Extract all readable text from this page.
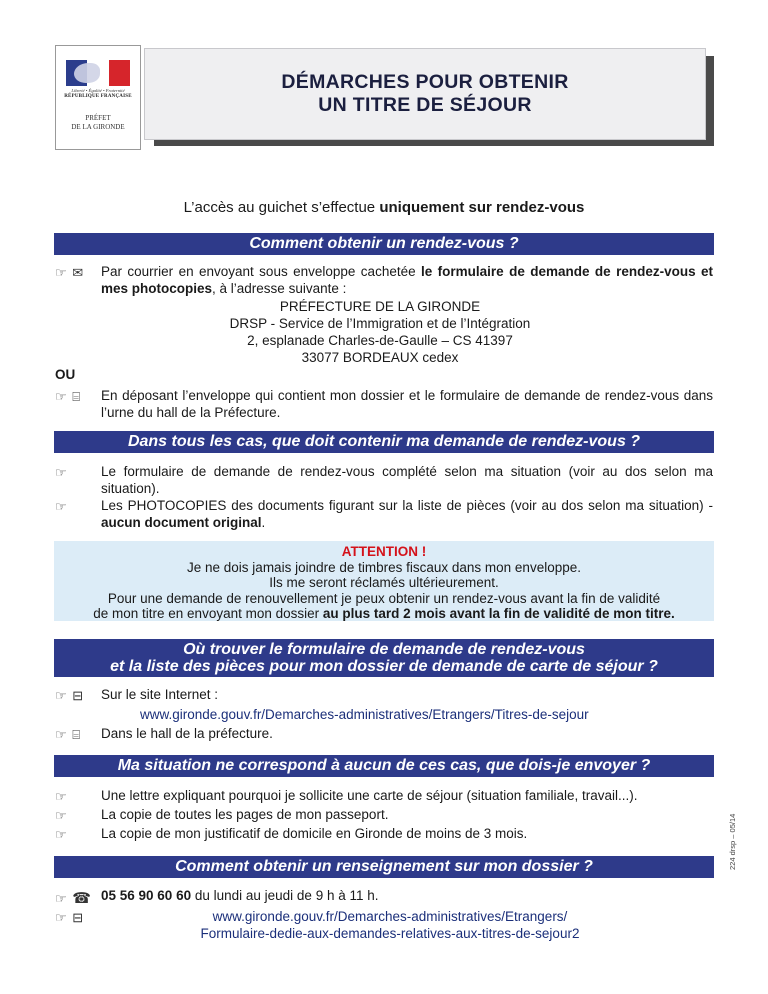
Liberté • Égalité • Fraternité
RÉPUBLIQUE FRANÇAISE
PRÉFET
DE LA GIRONDE
DÉMARCHES POUR OBTENIR
UN TITRE DE SÉJOUR
L’accès au guichet s’effectue uniquement sur rendez-vous
Comment obtenir un rendez-vous ?
☞ ✉ Par courrier en envoyant sous enveloppe cachetée le formulaire de demande de rendez-vous et mes photocopies, à l’adresse suivante :
PRÉFECTURE DE LA GIRONDE
DRSP - Service de l’Immigration et de l’Intégration
2, esplanade Charles-de-Gaulle – CS 41397
33077 BORDEAUX cedex
OU
☞ ⌸ En déposant l’enveloppe qui contient mon dossier et le formulaire de demande de rendez-vous dans l’urne du hall de la Préfecture.
Dans tous les cas, que doit contenir ma demande de rendez-vous ?
☞ Le formulaire de demande de rendez-vous complété selon ma situation (voir au dos selon ma situation).
☞ Les PHOTOCOPIES des documents figurant sur la liste de pièces (voir au dos selon ma situation) - aucun document original.
ATTENTION !
Je ne dois jamais joindre de timbres fiscaux dans mon enveloppe.
Ils me seront réclamés ultérieurement.
Pour une demande de renouvellement je peux obtenir un rendez-vous avant la fin de validité
de mon titre en envoyant mon dossier au plus tard 2 mois avant la fin de validité de mon titre.
Où trouver le formulaire de demande de rendez-vous
et la liste des pièces pour mon dossier de demande de carte de séjour ?
☞ ⊟ Sur le site Internet :
www.gironde.gouv.fr/Demarches-administratives/Etrangers/Titres-de-sejour
☞ ⌸ Dans le hall de la préfecture.
Ma situation ne correspond à aucun de ces cas, que dois-je envoyer ?
☞ Une lettre expliquant pourquoi je sollicite une carte de séjour (situation familiale, travail...).
☞ La copie de toutes les pages de mon passeport.
☞ La copie de mon justificatif de domicile en Gironde de moins de 3 mois.
Comment obtenir un renseignement sur mon dossier ?
☞ ☎ 05 56 90 60 60 du lundi au jeudi de 9 h à 11 h.
☞ ⊟	www.gironde.gouv.fr/Demarches-administratives/Etrangers/
Formulaire-dedie-aux-demandes-relatives-aux-titres-de-sejour2
224 drsp – 05/14
